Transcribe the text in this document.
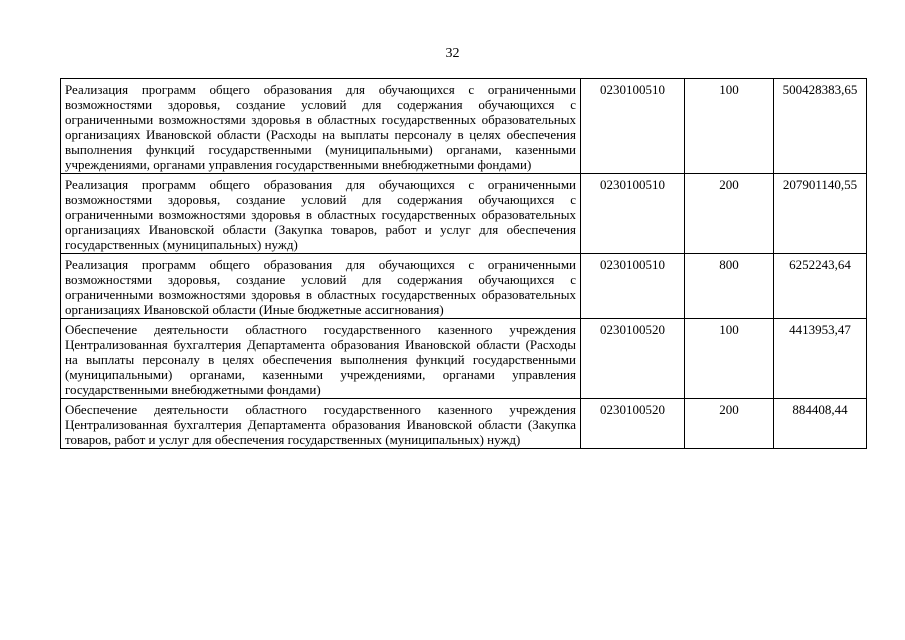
32
Реализация программ общего образования для обучающихся с ограниченными возможностями здоровья, создание условий для содержания обучающихся с ограниченными возможностями здоровья в областных государственных образовательных организациях Ивановской области (Расходы на выплаты персоналу в целях обеспечения выполнения функций государственными (муниципальными) органами, казенными учреждениями, органами управления государственными внебюджетными фондами)	0230100510	100	500428383,65
Реализация программ общего образования для обучающихся с ограниченными возможностями здоровья, создание условий для содержания обучающихся с ограниченными возможностями здоровья в областных государственных образовательных организациях Ивановской области (Закупка товаров, работ и услуг для обеспечения государственных (муниципальных) нужд)	0230100510	200	207901140,55
Реализация программ общего образования для обучающихся с ограниченными возможностями здоровья, создание условий для содержания обучающихся с ограниченными возможностями здоровья в областных государственных образовательных организациях Ивановской области (Иные бюджетные ассигнования)	0230100510	800	6252243,64
Обеспечение деятельности областного государственного казенного учреждения Централизованная бухгалтерия Департамента образования Ивановской области (Расходы на выплаты персоналу в целях обеспечения выполнения функций государственными (муниципальными) органами, казенными учреждениями, органами управления государственными внебюджетными фондами)	0230100520	100	4413953,47
Обеспечение деятельности областного государственного казенного учреждения Централизованная бухгалтерия Департамента образования Ивановской области (Закупка товаров, работ и услуг для обеспечения государственных (муниципальных) нужд)	0230100520	200	884408,44
